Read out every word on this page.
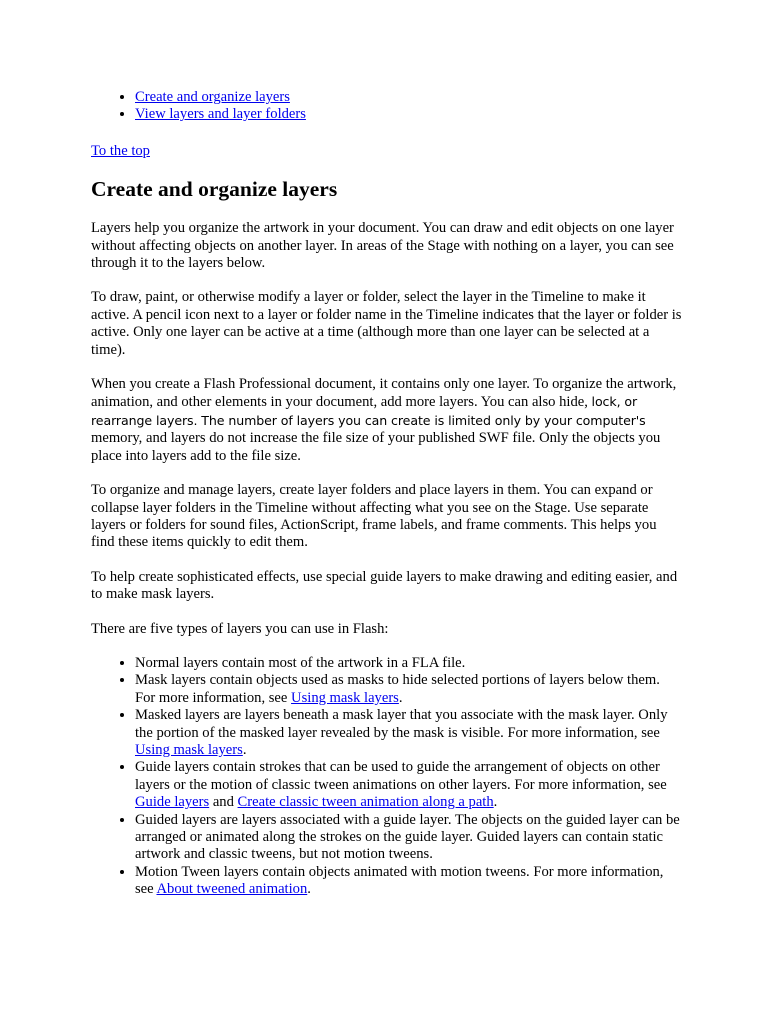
• Create and organize layers
• View layers and layer folders
To the top
Create and organize layers

Layers help you organize the artwork in your document. You can draw and edit objects on one layer without affecting objects on another layer. In areas of the Stage with nothing on a layer, you can see through it to the layers below.

To draw, paint, or otherwise modify a layer or folder, select the layer in the Timeline to make it active. A pencil icon next to a layer or folder name in the Timeline indicates that the layer or folder is active. Only one layer can be active at a time (although more than one layer can be selected at a time).

When you create a Flash Professional document, it contains only one layer. To organize the artwork, animation, and other elements in your document, add more layers. You can also hide, lock, or rearrange layers. The number of layers you can create is limited only by your computer's memory, and layers do not increase the file size of your published SWF file. Only the objects you place into layers add to the file size.

To organize and manage layers, create layer folders and place layers in them. You can expand or collapse layer folders in the Timeline without affecting what you see on the Stage. Use separate layers or folders for sound files, ActionScript, frame labels, and frame comments. This helps you find these items quickly to edit them.

To help create sophisticated effects, use special guide layers to make drawing and editing easier, and to make mask layers.

There are five types of layers you can use in Flash:

• Normal layers contain most of the artwork in a FLA file.
• Mask layers contain objects used as masks to hide selected portions of layers below them. For more information, see Using mask layers.
• Masked layers are layers beneath a mask layer that you associate with the mask layer. Only the portion of the masked layer revealed by the mask is visible. For more information, see Using mask layers.
• Guide layers contain strokes that can be used to guide the arrangement of objects on other layers or the motion of classic tween animations on other layers. For more information, see Guide layers and Create classic tween animation along a path.
• Guided layers are layers associated with a guide layer. The objects on the guided layer can be arranged or animated along the strokes on the guide layer. Guided layers can contain static artwork and classic tweens, but not motion tweens.
• Motion Tween layers contain objects animated with motion tweens. For more information, see About tweened animation.
